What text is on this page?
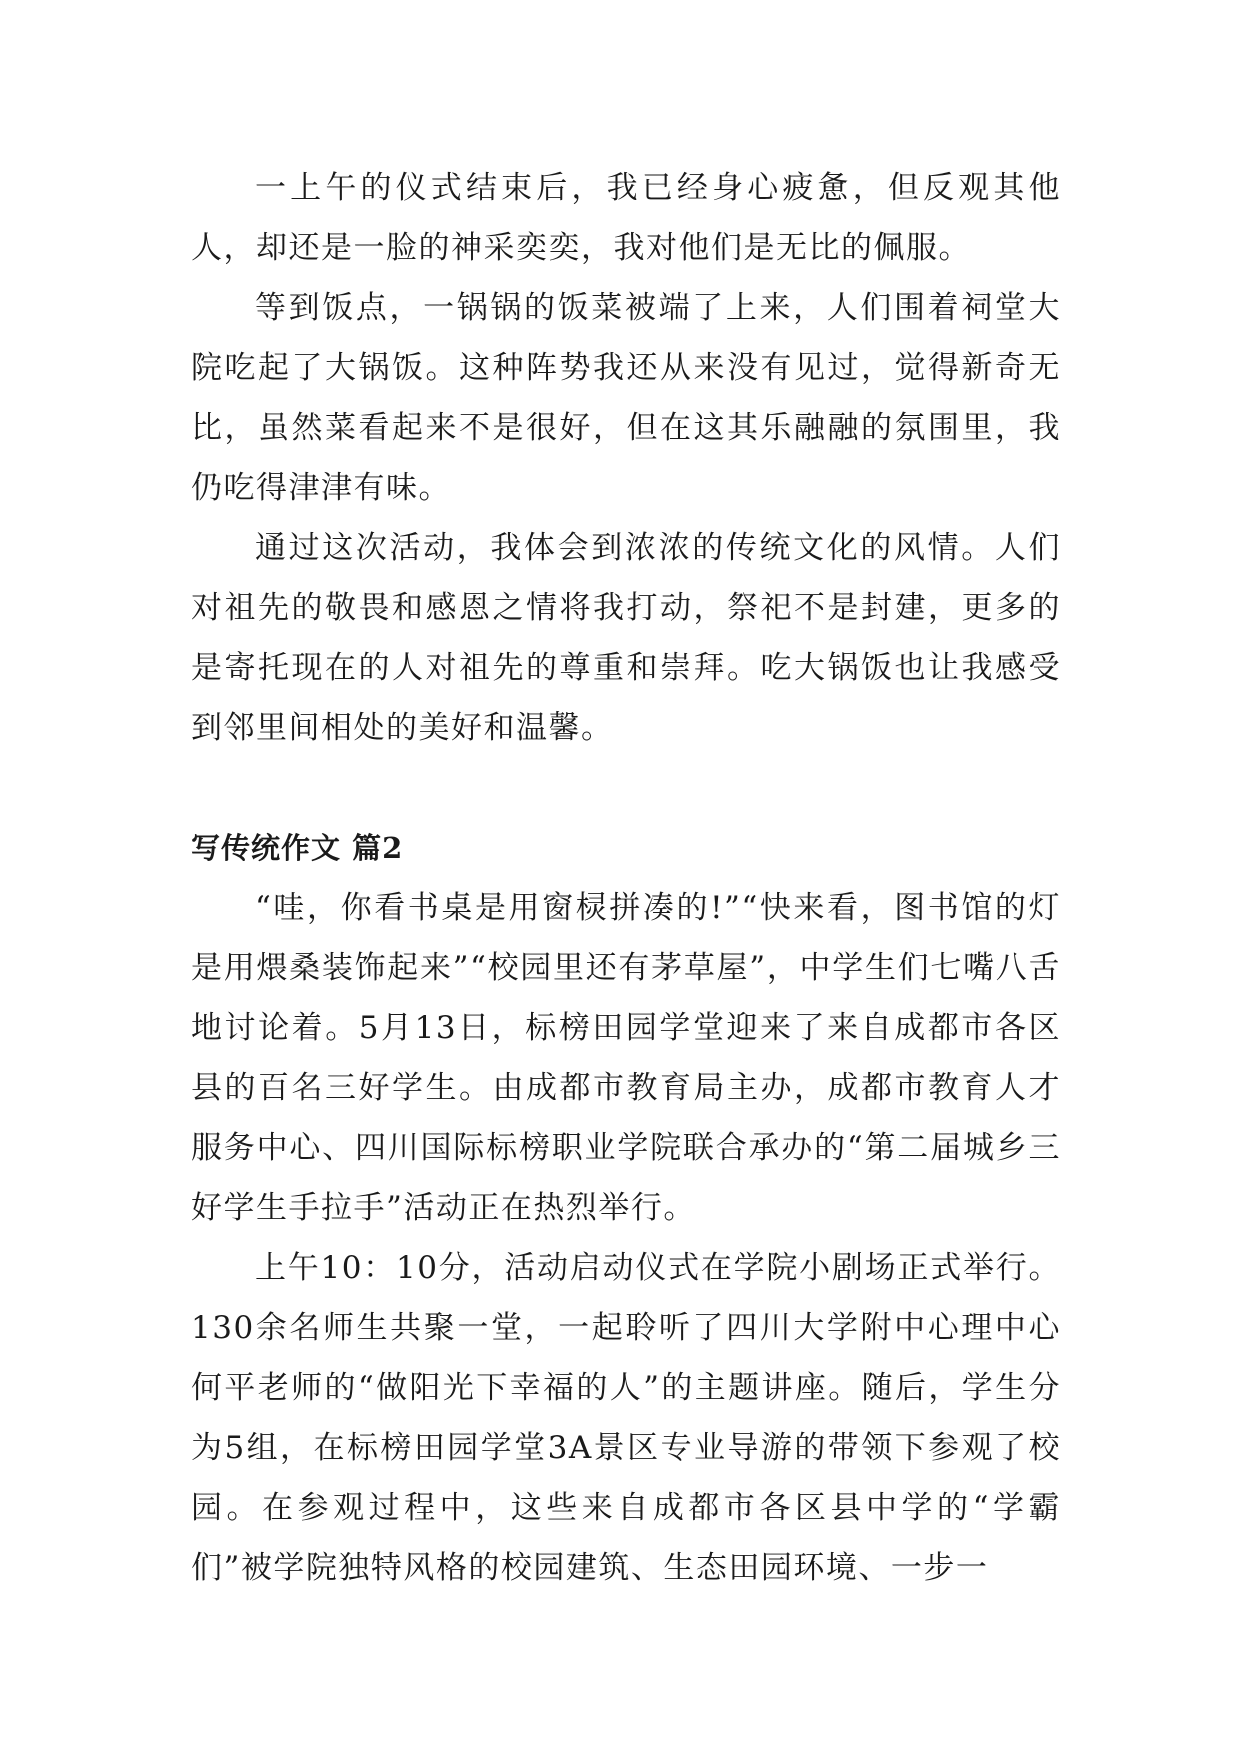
一上午的仪式结束后，我已经身心疲惫，但反观其他人，却还是一脸的神采奕奕，我对他们是无比的佩服。

等到饭点，一锅锅的饭菜被端了上来，人们围着祠堂大院吃起了大锅饭。这种阵势我还从来没有见过，觉得新奇无比，虽然菜看起来不是很好，但在这其乐融融的氛围里，我仍吃得津津有味。

通过这次活动，我体会到浓浓的传统文化的风情。人们对祖先的敬畏和感恩之情将我打动，祭祀不是封建，更多的是寄托现在的人对祖先的尊重和崇拜。吃大锅饭也让我感受到邻里间相处的美好和温馨。

写传统作文 篇2

“哇，你看书桌是用窗棂拼凑的!”“快来看，图书馆的灯是用煨桑装饰起来”“校园里还有茅草屋”，中学生们七嘴八舌地讨论着。5月13日，标榜田园学堂迎来了来自成都市各区县的百名三好学生。由成都市教育局主办，成都市教育人才服务中心、四川国际标榜职业学院联合承办的“第二届城乡三好学生手拉手”活动正在热烈举行。

上午10：10分，活动启动仪式在学院小剧场正式举行。130余名师生共聚一堂，一起聆听了四川大学附中心理中心何平老师的“做阳光下幸福的人”的主题讲座。随后，学生分为5组，在标榜田园学堂3A景区专业导游的带领下参观了校园。在参观过程中，这些来自成都市各区县中学的“学霸们”被学院独特风格的校园建筑、生态田园环境、一步一
